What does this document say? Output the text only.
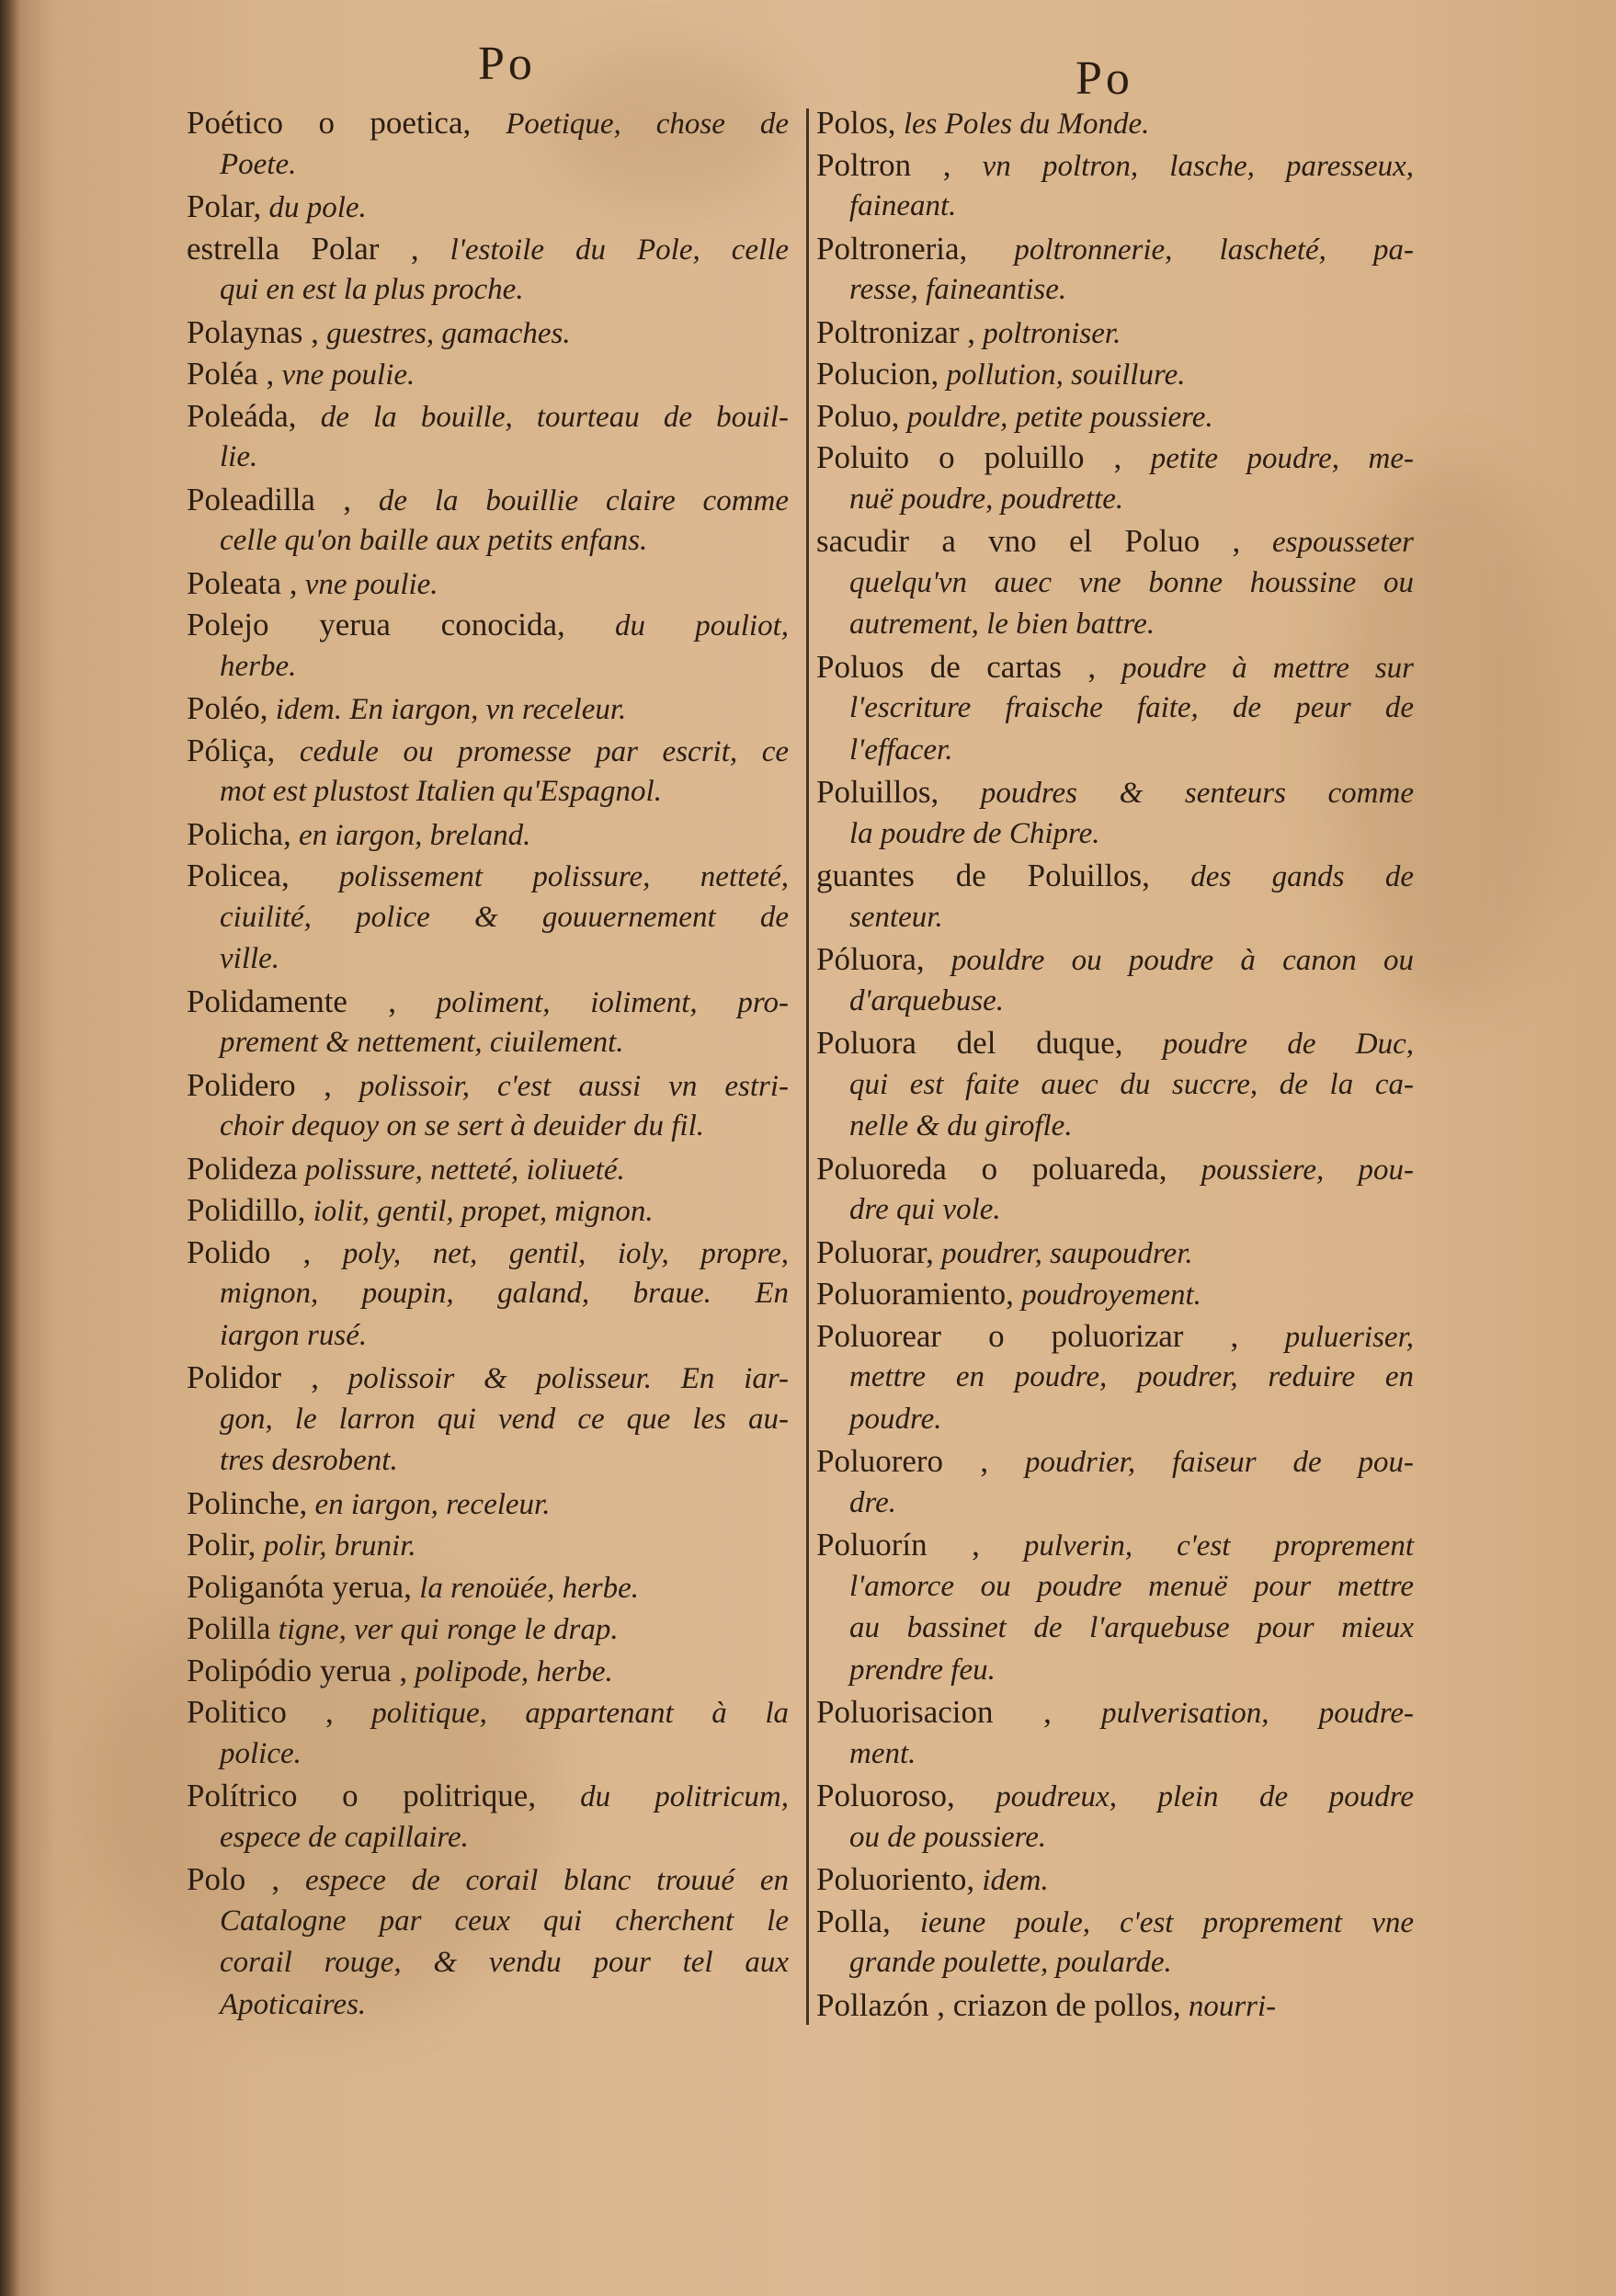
Po	Po
Poético o poetica, Poetique, chose de
Poete.
Polar, du pole.
estrella Polar , l'estoile du Pole, celle
qui en est la plus proche.
Polaynas , guestres, gamaches.
Poléa , vne poulie.
Poleáda, de la bouille, tourteau de bouil-
lie.
Poleadilla , de la bouillie claire comme
celle qu'on baille aux petits enfans.
Poleata , vne poulie.
Polejo yerua conocida, du pouliot,
herbe.
Poléo, idem. En iargon, vn receleur.
Póliça, cedule ou promesse par escrit, ce
mot est plustost Italien qu'Espagnol.
Policha, en iargon, breland.
Policea, polissement polissure, netteté,
ciuilité, police & gouuernement de
ville.
Polidamente , poliment, ioliment, pro-
prement & nettement, ciuilement.
Polidero , polissoir, c'est aussi vn estri-
choir dequoy on se sert à deuider du fil.
Polideza polissure, netteté, ioliueté.
Polidillo, iolit, gentil, propet, mignon.
Polido , poly, net, gentil, ioly, propre,
mignon, poupin, galand, braue. En
iargon rusé.
Polidor , polissoir & polisseur. En iar-
gon, le larron qui vend ce que les au-
tres desrobent.
Polinche, en iargon, receleur.
Polir, polir, brunir.
Poliganóta yerua, la renoüée, herbe.
Polilla tigne, ver qui ronge le drap.
Polipódio yerua , polipode, herbe.
Politico , politique, appartenant à la
police.
Polítrico o politrique, du politricum,
espece de capillaire.
Polo , espece de corail blanc trouué en
Catalogne par ceux qui cherchent le
corail rouge, & vendu pour tel aux
Apoticaires.
Polos, les Poles du Monde.
Poltron , vn poltron, lasche, paresseux,
faineant.
Poltroneria, poltronnerie, lascheté, pa-
resse, faineantise.
Poltronizar , poltroniser.
Polucion, pollution, souillure.
Poluo, pouldre, petite poussiere.
Poluito o poluillo , petite poudre, me-
nuë poudre, poudrette.
sacudir a vno el Poluo , espousseter
quelqu'vn auec vne bonne houssine ou
autrement, le bien battre.
Poluos de cartas , poudre à mettre sur
l'escriture fraische faite, de peur de
l'effacer.
Poluillos, poudres & senteurs comme
la poudre de Chipre.
guantes de Poluillos, des gands de
senteur.
Póluora, pouldre ou poudre à canon ou
d'arquebuse.
Poluora del duque, poudre de Duc,
qui est faite auec du succre, de la ca-
nelle & du girofle.
Poluoreda o poluareda, poussiere, pou-
dre qui vole.
Poluorar, poudrer, saupoudrer.
Poluoramiento, poudroyement.
Poluorear o poluorizar , pulueriser,
mettre en poudre, poudrer, reduire en
poudre.
Poluorero , poudrier, faiseur de pou-
dre.
Poluorín , pulverin, c'est proprement
l'amorce ou poudre menuë pour mettre
au bassinet de l'arquebuse pour mieux
prendre feu.
Poluorisacion , pulverisation, poudre-
ment.
Poluoroso, poudreux, plein de poudre
ou de poussiere.
Poluoriento, idem.
Polla, ieune poule, c'est proprement vne
grande poulette, poularde.
Pollazón , criazon de pollos, nourri-
